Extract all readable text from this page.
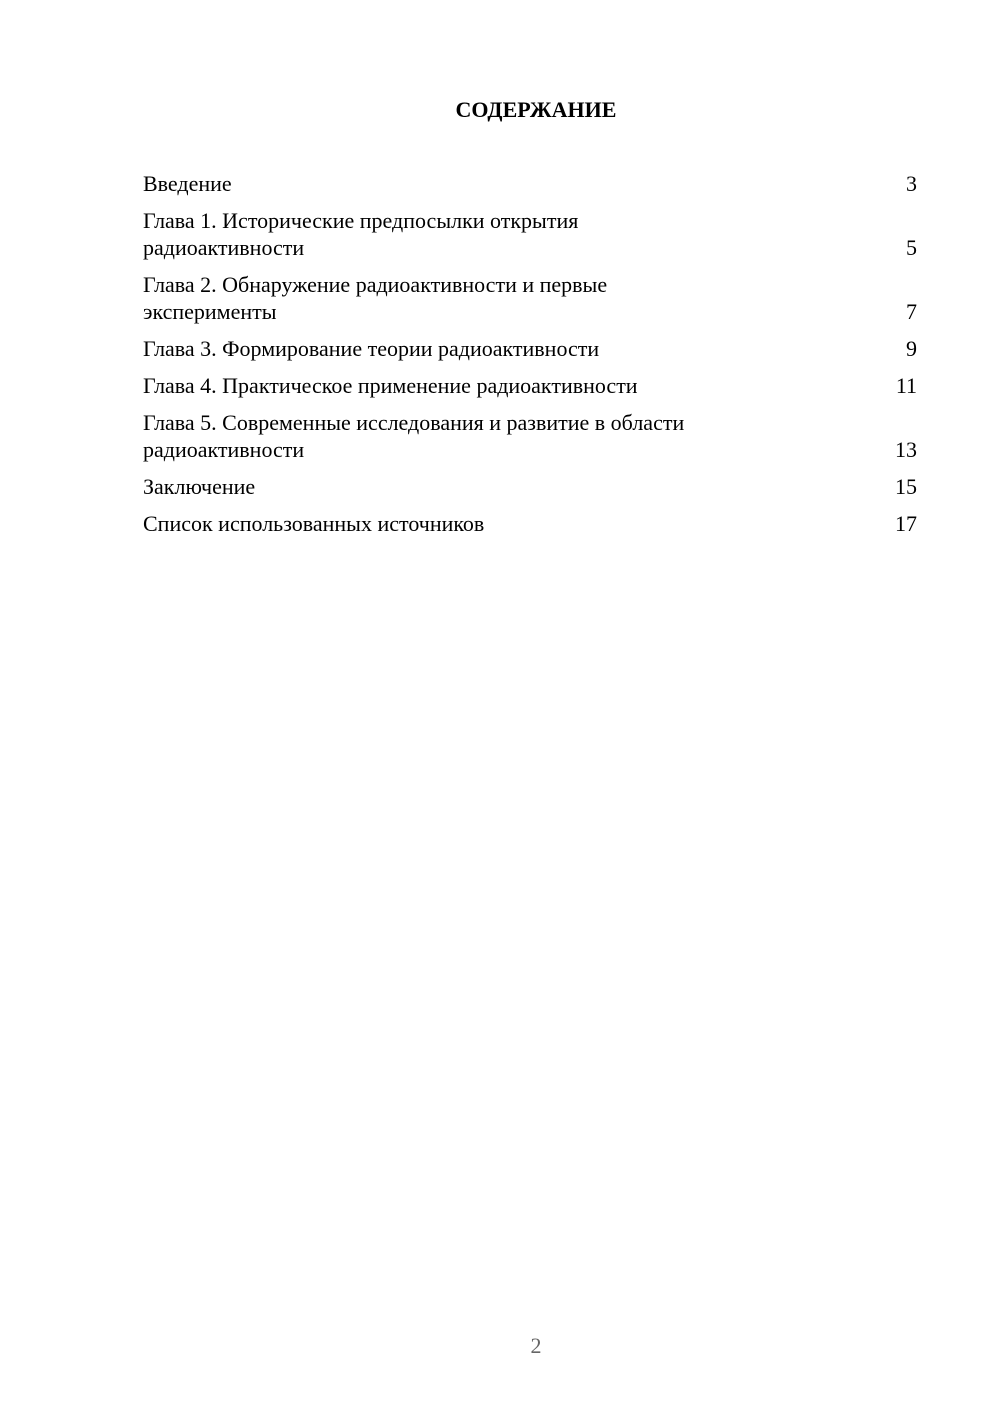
СОДЕРЖАНИЕ
Введение	3
Глава 1. Исторические предпосылки открытия радиоактивности	5
Глава 2. Обнаружение радиоактивности и первые эксперименты	7
Глава 3. Формирование теории радиоактивности	9
Глава 4. Практическое применение радиоактивности	11
Глава 5. Современные исследования и развитие в области радиоактивности	13
Заключение	15
Список использованных источников	17
2
